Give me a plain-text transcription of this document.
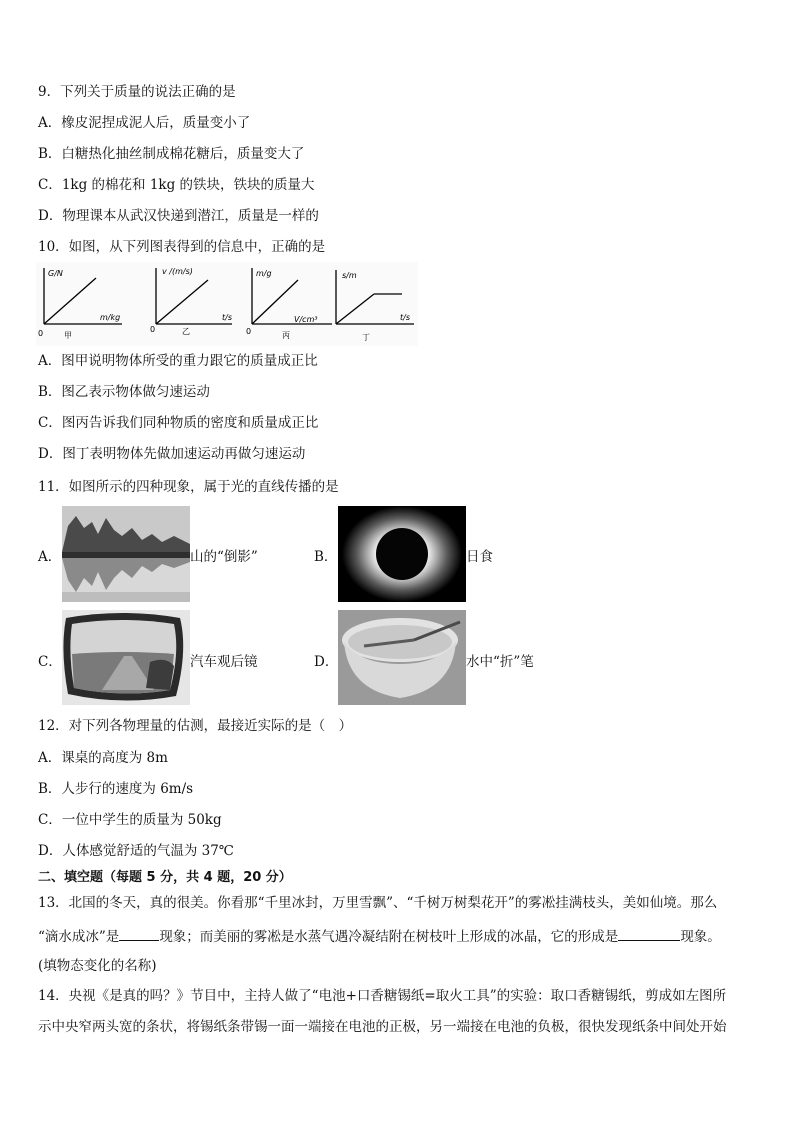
9．下列关于质量的说法正确的是
A．橡皮泥捏成泥人后，质量变小了
B．白糖热化抽丝制成棉花糖后，质量变大了
C．1kg 的棉花和 1kg 的铁块，铁块的质量大
D．物理课本从武汉快递到潜江，质量是一样的
10．如图，从下列图表得到的信息中，正确的是
G/N
m/kg
0	甲
v /(m/s)
t/s
0	乙
m/g
V/cm³
0	丙
s/m
t/s
丁
A．图甲说明物体所受的重力跟它的质量成正比
B．图乙表示物体做匀速运动
C．图丙告诉我们同种物质的密度和质量成正比
D．图丁表明物体先做加速运动再做匀速运动
11．如图所示的四种现象，属于光的直线传播的是
A．	山的“倒影”	B．	日食
C．	汽车观后镜	D．	水中“折”笔
12．对下列各物理量的估测，最接近实际的是（　）
A．课桌的高度为 8m
B．人步行的速度为 6m/s
C．一位中学生的质量为 50kg
D．人体感觉舒适的气温为 37℃
二、填空题（每题 5 分，共 4 题，20 分）
13．北国的冬天，真的很美。你看那“千里冰封，万里雪飘”、“千树万树梨花开”的雾凇挂满枝头，美如仙境。那么
“滴水成冰”是	现象；而美丽的雾凇是水蒸气遇冷凝结附在树枝叶上形成的冰晶，它的形成是	现象。
(填物态变化的名称)
14．央视《是真的吗？》节目中，主持人做了“电池+口香糖锡纸=取火工具”的实验：取口香糖锡纸，剪成如左图所
示中央窄两头宽的条状，将锡纸条带锡一面一端接在电池的正极，另一端接在电池的负极，很快发现纸条中间处开始
